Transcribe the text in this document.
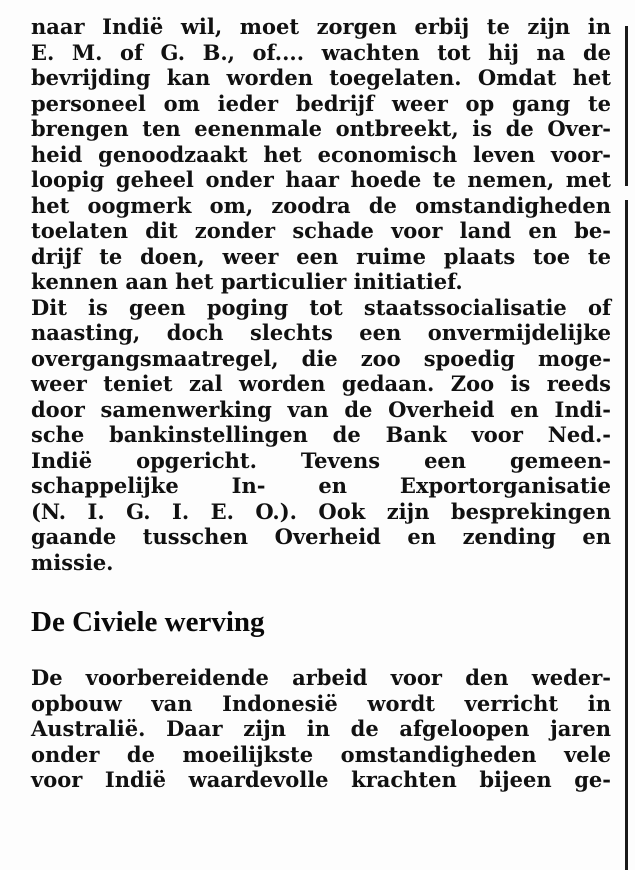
naar Indië wil, moet zorgen erbij te zijn in
E. M. of G. B., of.... wachten tot hij na de
bevrijding kan worden toegelaten. Omdat het
personeel om ieder bedrijf weer op gang te
brengen ten eenenmale ontbreekt, is de Over-
heid genoodzaakt het economisch leven voor-
loopig geheel onder haar hoede te nemen, met
het oogmerk om, zoodra de omstandigheden
toelaten dit zonder schade voor land en be-
drijf te doen, weer een ruime plaats toe te
kennen aan het particulier initiatief.
Dit is geen poging tot staatssocialisatie of
naasting, doch slechts een onvermijdelijke
overgangsmaatregel, die zoo spoedig moge-
weer teniet zal worden gedaan. Zoo is reeds
door samenwerking van de Overheid en Indi-
sche bankinstellingen de Bank voor Ned.-
Indië opgericht. Tevens een gemeen-
schappelijke In- en Exportorganisatie
(N. I. G. I. E. O.). Ook zijn besprekingen
gaande tusschen Overheid en zending en
missie.
De Civiele werving
De voorbereidende arbeid voor den weder-
opbouw van Indonesië wordt verricht in
Australië. Daar zijn in de afgeloopen jaren
onder de moeilijkste omstandigheden vele
voor Indië waardevolle krachten bijeen ge-
